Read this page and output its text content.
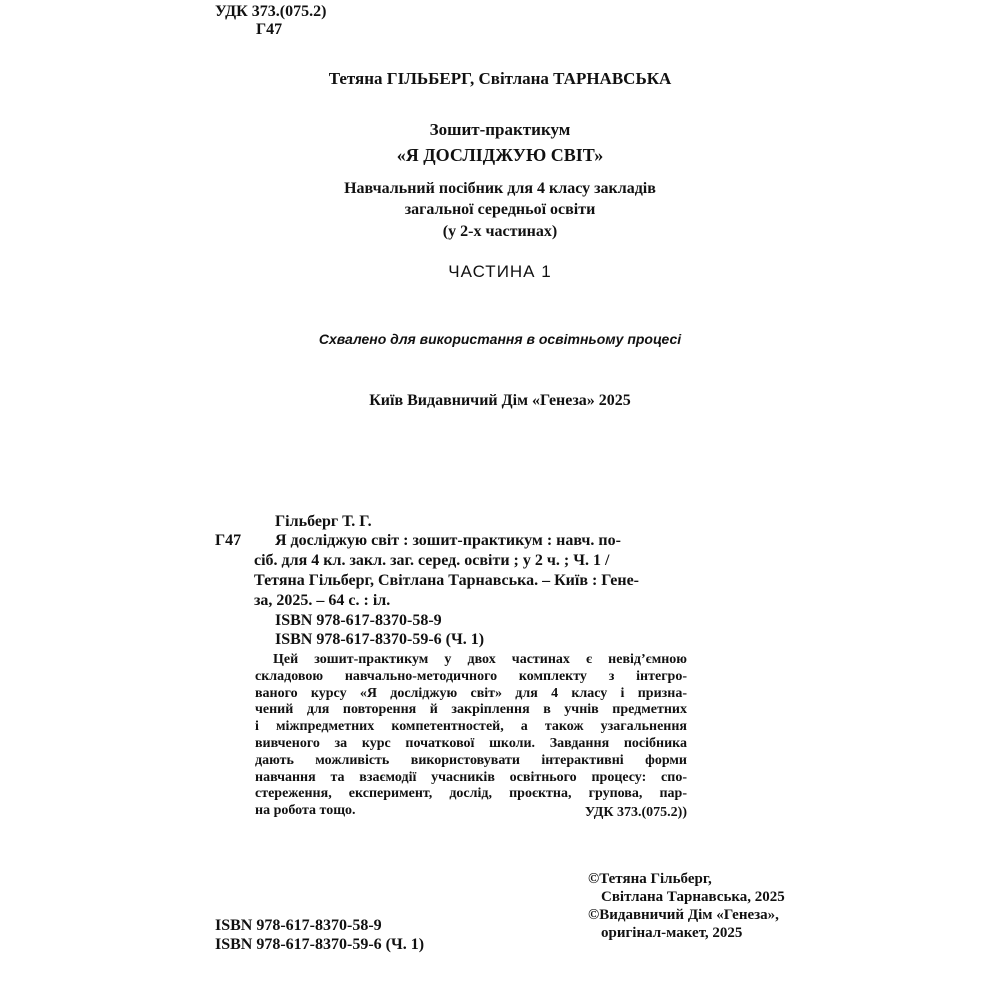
УДК 373.(075.2)
Г47
Тетяна ГІЛЬБЕРГ, Світлана ТАРНАВСЬКА
Зошит-практикум
«Я ДОСЛІДЖУЮ СВІТ»
Навчальний посібник для 4 класу закладів
загальної середньої освіти
(у 2-х частинах)
ЧАСТИНА 1
Схвалено для використання в освітньому процесі
Київ Видавничий Дім «Генеза» 2025
Гільберг Т. Г.
Г47 Я досліджую світ : зошит-практикум : навч. по-
сіб. для 4 кл. закл. заг. серед. освіти ; у 2 ч. ; Ч. 1 /
Тетяна Гільберг, Світлана Тарнавська. – Київ : Гене-
за, 2025. – 64 с. : іл.
ISBN 978-617-8370-58-9
ISBN 978-617-8370-59-6 (Ч. 1)
Цей зошит-практикум у двох частинах є невід’ємною
складовою навчально-методичного комплекту з інтегро-
ваного курсу «Я досліджую світ» для 4 класу і призна-
чений для повторення й закріплення в учнів предметних
і міжпредметних компетентностей, а також узагальнення
вивченого за курс початкової школи. Завдання посібника
дають можливість використовувати інтерактивні форми
навчання та взаємодії учасників освітнього процесу: спо-
стереження, експеримент, дослід, проєктна, групова, пар-
на робота тощо.	УДК 373.(075.2))
ISBN 978-617-8370-58-9
ISBN 978-617-8370-59-6 (Ч. 1)
©Тетяна Гільберг,
Світлана Тарнавська, 2025
©Видавничий Дім «Генеза»,
оригінал-макет, 2025
